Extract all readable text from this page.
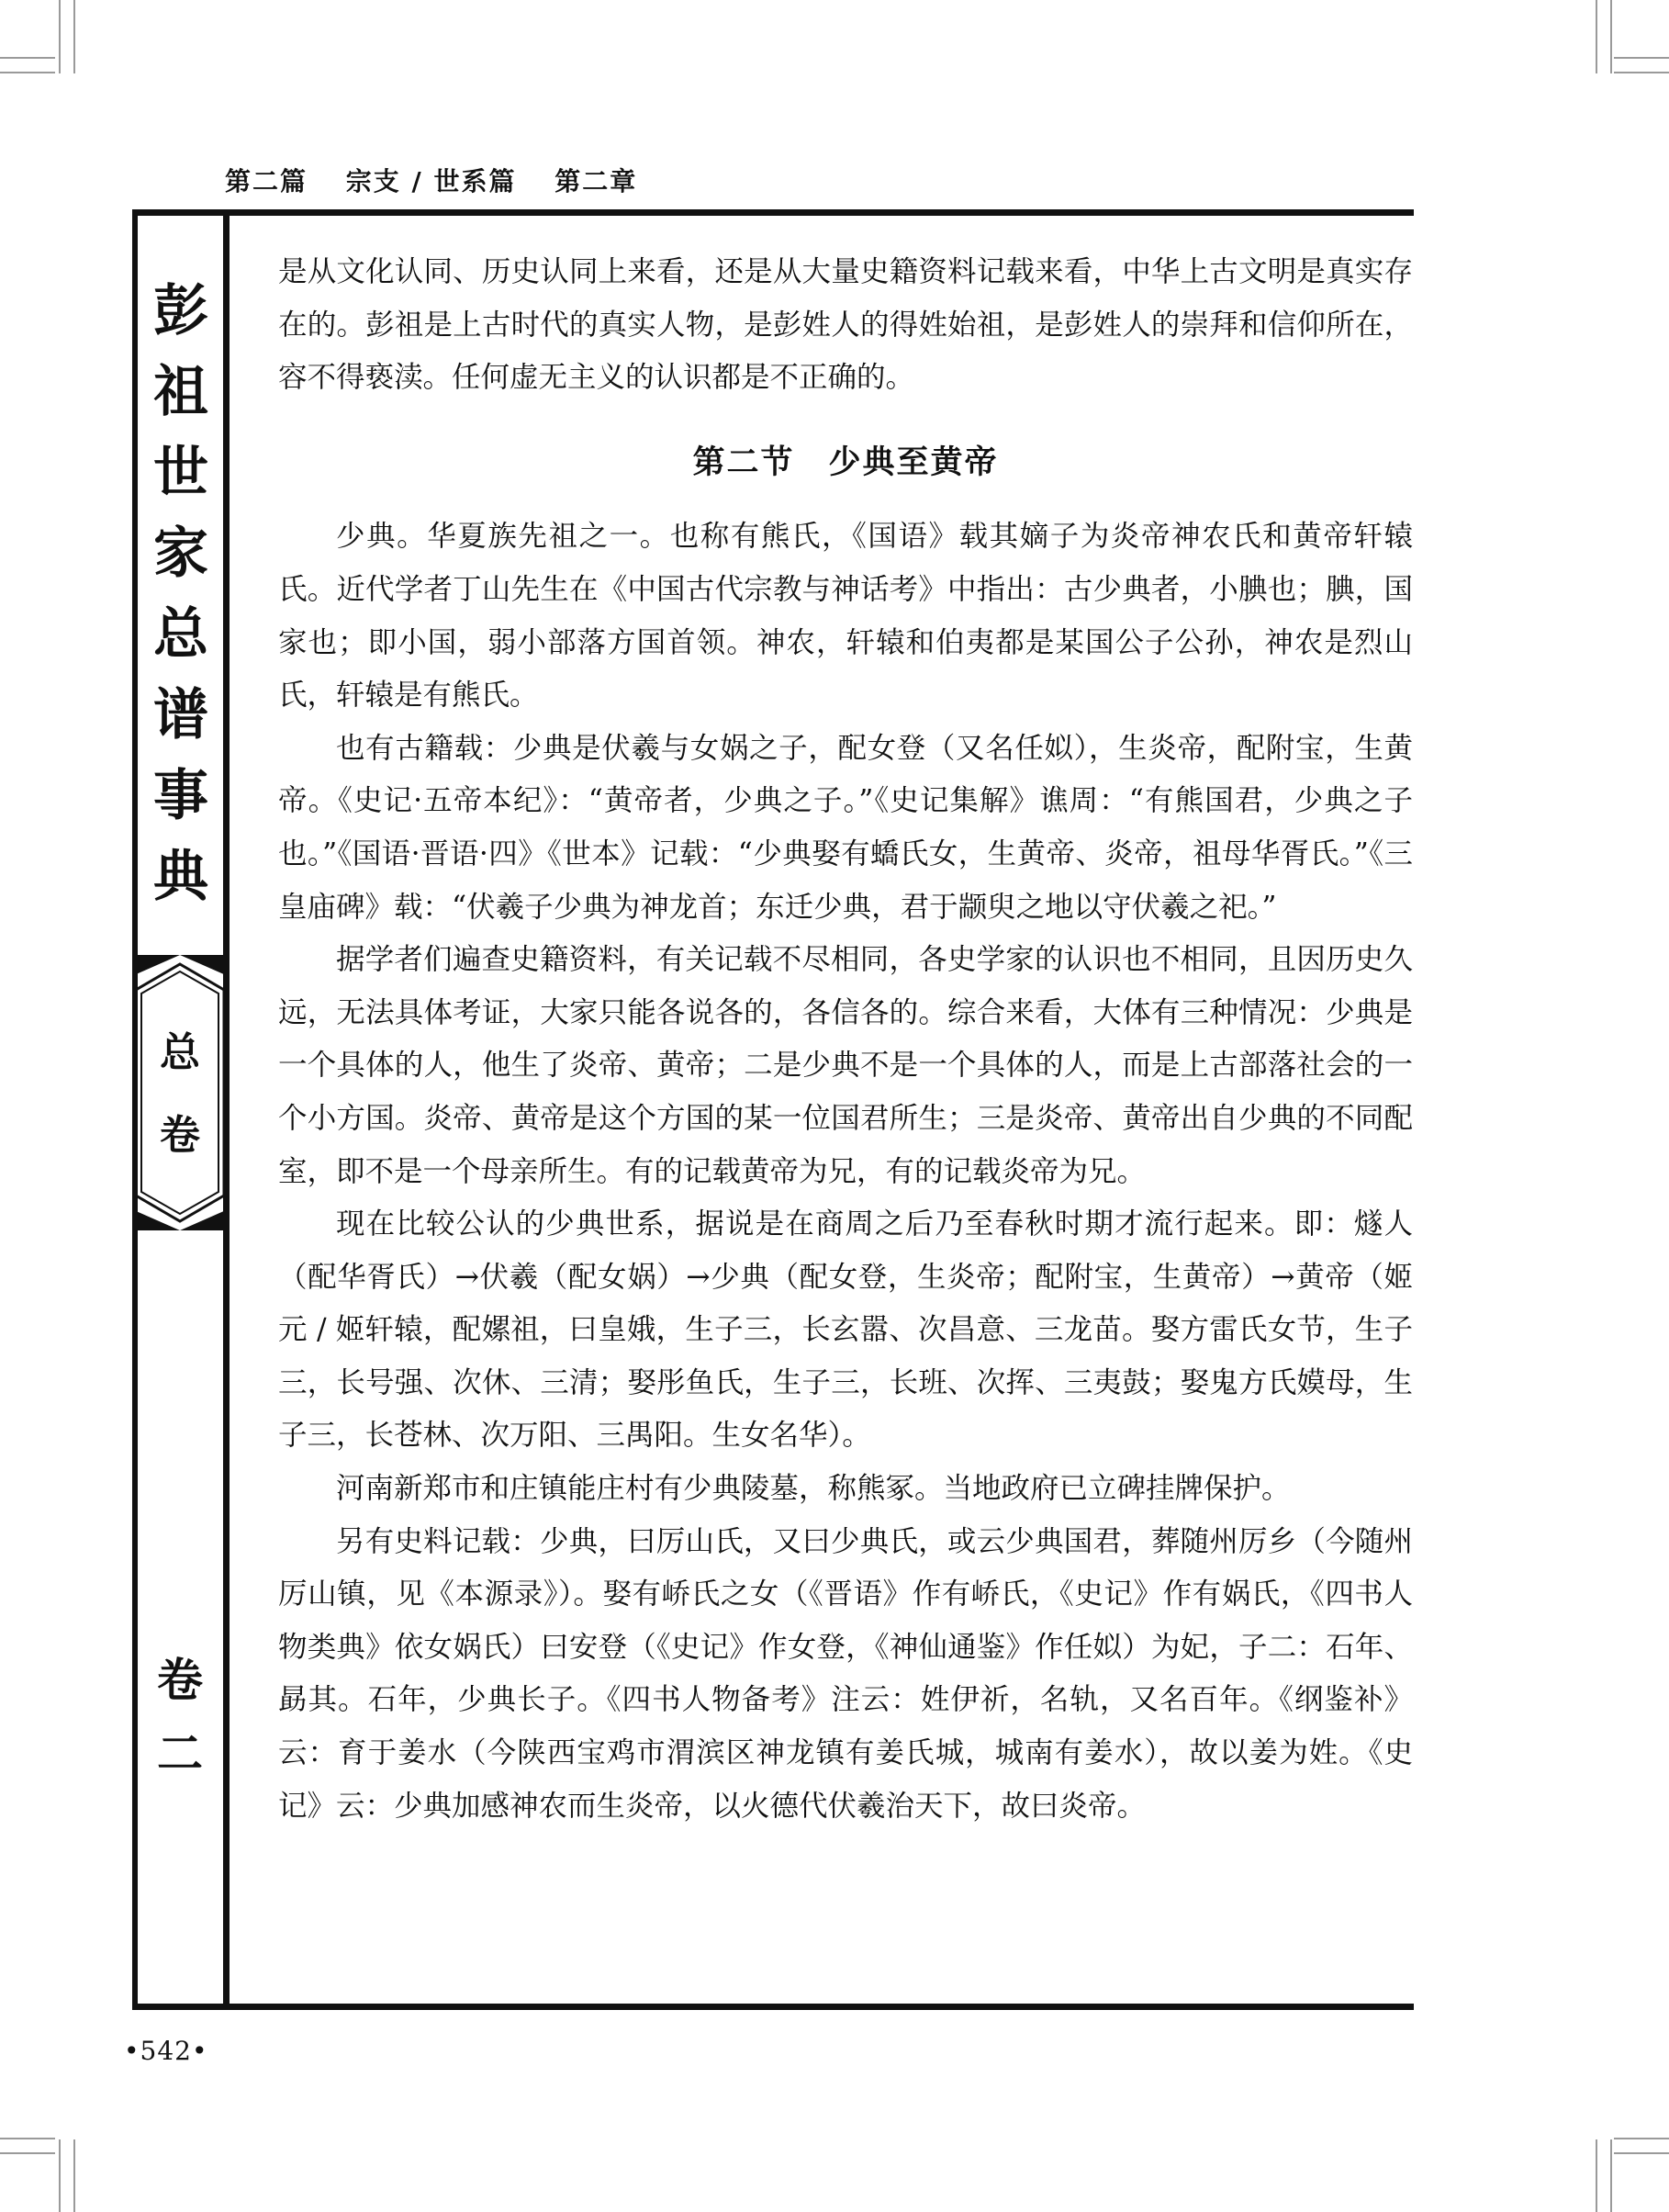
第二篇 宗支 / 世系篇 第二章
彭
祖
世
家
总
谱
事
典
总
卷
卷
二

是从文化认同、历史认同上来看，还是从大量史籍资料记载来看，中华上古文明是真实存在的。彭祖是上古时代的真实人物，是彭姓人的得姓始祖，是彭姓人的崇拜和信仰所在，容不得亵渎。任何虚无主义的认识都是不正确的。

第二节　少典至黄帝

少典。华夏族先祖之一。也称有熊氏，《国语》载其嫡子为炎帝神农氏和黄帝轩辕氏。近代学者丁山先生在《中国古代宗教与神话考》中指出：古少典者，小腆也；腆，国家也；即小国，弱小部落方国首领。神农，轩辕和伯夷都是某国公子公孙，神农是烈山氏，轩辕是有熊氏。

也有古籍载：少典是伏羲与女娲之子，配女登（又名任姒），生炎帝，配附宝，生黄帝。《史记·五帝本纪》：“黄帝者，少典之子。”《史记集解》谯周：“有熊国君，少典之子也。”《国语·晋语·四》《世本》记载：“少典娶有蟜氏女，生黄帝、炎帝，祖母华胥氏。”《三皇庙碑》载：“伏羲子少典为神龙首；东迁少典，君于颛臾之地以守伏羲之祀。”

据学者们遍查史籍资料，有关记载不尽相同，各史学家的认识也不相同，且因历史久远，无法具体考证，大家只能各说各的，各信各的。综合来看，大体有三种情况：少典是一个具体的人，他生了炎帝、黄帝；二是少典不是一个具体的人，而是上古部落社会的一个小方国。炎帝、黄帝是这个方国的某一位国君所生；三是炎帝、黄帝出自少典的不同配室，即不是一个母亲所生。有的记载黄帝为兄，有的记载炎帝为兄。

现在比较公认的少典世系，据说是在商周之后乃至春秋时期才流行起来。即：燧人（配华胥氏）→伏羲（配女娲）→少典（配女登，生炎帝；配附宝，生黄帝）→黄帝（姬元 / 姬轩辕，配嫘祖，曰皇娥，生子三，长玄嚣、次昌意、三龙苗。娶方雷氏女节，生子三，长号强、次休、三清；娶彤鱼氏，生子三，长班、次挥、三夷鼓；娶鬼方氏嫫母，生子三，长苍林、次万阳、三禺阳。生女名华）。

河南新郑市和庄镇能庄村有少典陵墓，称熊冢。当地政府已立碑挂牌保护。

另有史料记载：少典，曰厉山氏，又曰少典氏，或云少典国君，葬随州厉乡（今随州厉山镇，见《本源录》）。娶有峤氏之女（《晋语》作有峤氏，《史记》作有娲氏，《四书人物类典》依女娲氏）曰安登（《史记》作女登，《神仙通鉴》作任姒）为妃，子二：石年、勗其。石年，少典长子。《四书人物备考》注云：姓伊祈，名轨，又名百年。《纲鉴补》云：育于姜水（今陕西宝鸡市渭滨区神龙镇有姜氏城，城南有姜水），故以姜为姓。《史记》云：少典加感神农而生炎帝，以火德代伏羲治天下，故曰炎帝。

•542•
